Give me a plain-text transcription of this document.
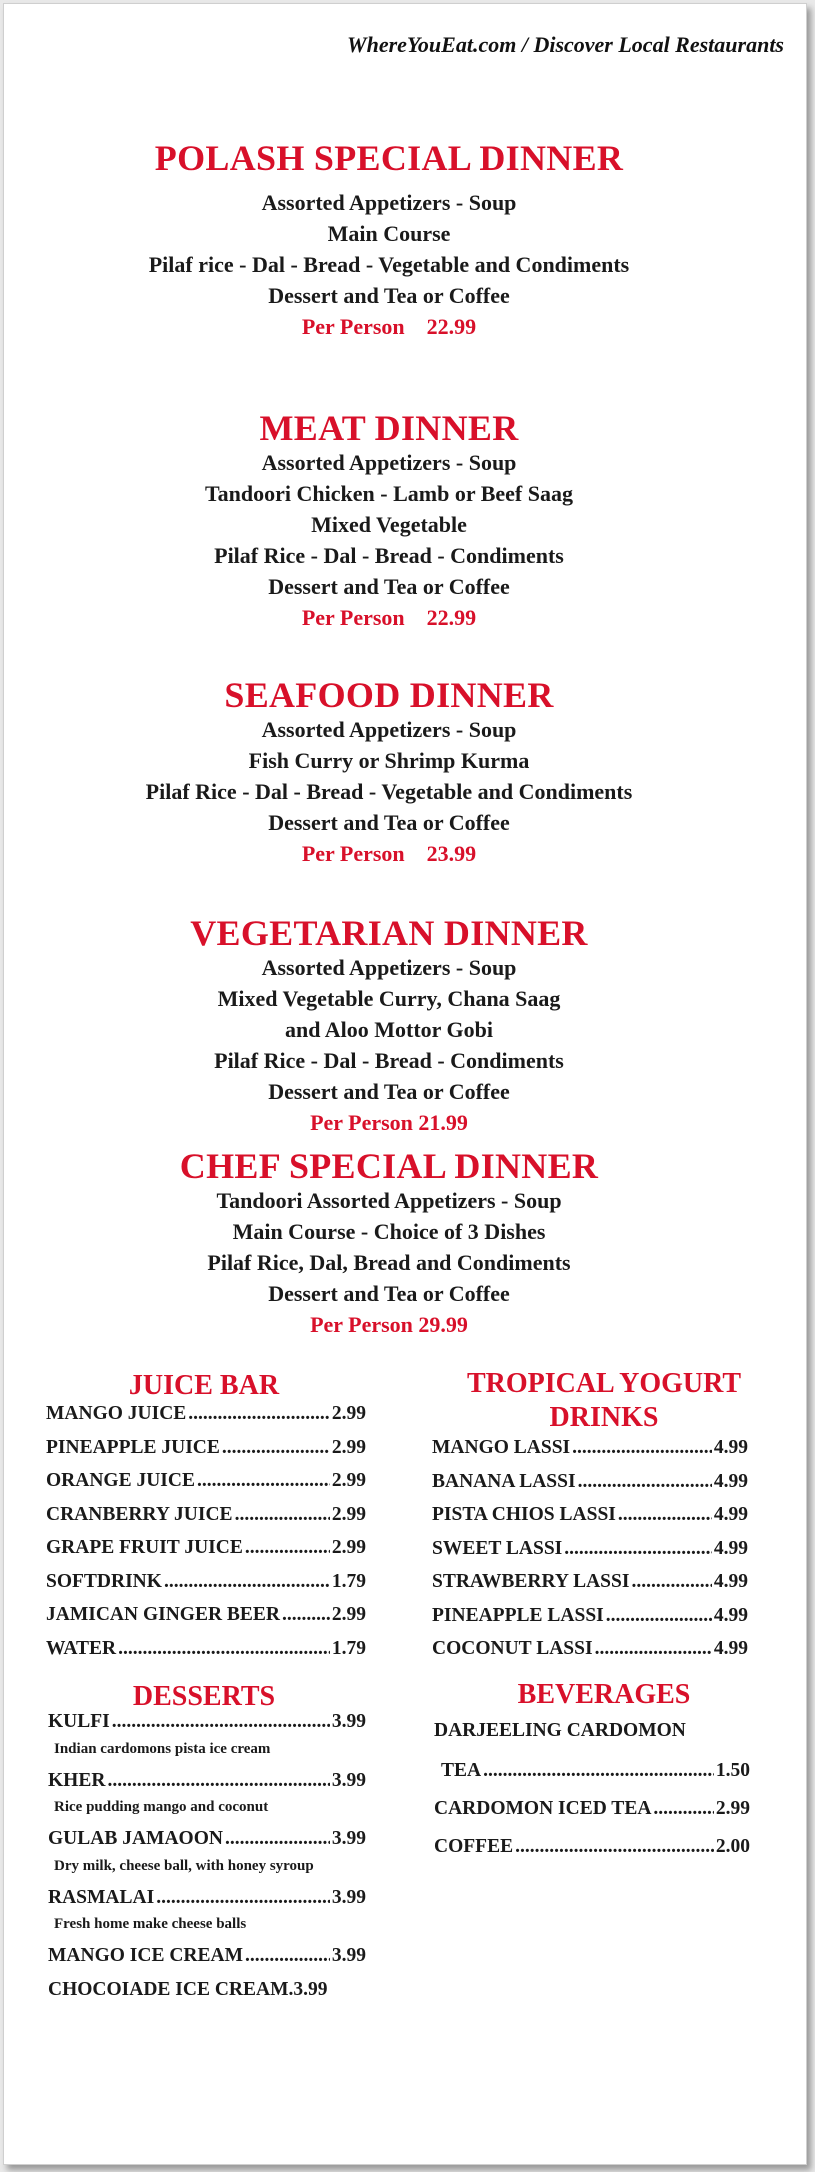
WhereYouEat.com / Discover Local Restaurants
POLASH SPECIAL DINNER
Assorted Appetizers - Soup
Main Course
Pilaf rice - Dal - Bread - Vegetable and Condiments
Dessert and Tea or Coffee
Per Person    22.99
MEAT DINNER
Assorted Appetizers - Soup
Tandoori Chicken - Lamb or Beef Saag
Mixed Vegetable
Pilaf Rice - Dal - Bread - Condiments
Dessert and Tea or Coffee
Per Person    22.99
SEAFOOD DINNER
Assorted Appetizers - Soup
Fish Curry or Shrimp Kurma
Pilaf Rice - Dal - Bread - Vegetable and Condiments
Dessert and Tea or Coffee
Per Person    23.99
VEGETARIAN DINNER
Assorted Appetizers - Soup
Mixed Vegetable Curry, Chana Saag
and Aloo Mottor Gobi
Pilaf Rice - Dal - Bread - Condiments
Dessert and Tea or Coffee
Per Person 21.99
CHEF SPECIAL DINNER
Tandoori Assorted Appetizers - Soup
Main Course - Choice of 3 Dishes
Pilaf Rice, Dal, Bread and Condiments
Dessert and Tea or Coffee
Per Person 29.99
JUICE BAR
MANGO JUICE .....	2.99
PINEAPPLE JUICE .....	2.99
ORANGE JUICE .....	2.99
CRANBERRY JUICE .....	2.99
GRAPE FRUIT JUICE .....	2.99
SOFTDRINK .....	1.79
JAMICAN GINGER BEER .....	2.99
WATER .....	1.79
TROPICAL YOGURT
DRINKS
MANGO LASSI .....	4.99
BANANA LASSI .....	4.99
PISTA CHIOS LASSI .....	4.99
SWEET LASSI .....	4.99
STRAWBERRY LASSI .....	4.99
PINEAPPLE LASSI .....	4.99
COCONUT LASSI .....	4.99
DESSERTS
KULFI .....	3.99
Indian cardomons pista ice cream
KHER .....	3.99
Rice pudding mango and coconut
GULAB JAMAOON .....	3.99
Dry milk, cheese ball, with honey syroup
RASMALAI .....	3.99
Fresh home make cheese balls
MANGO ICE CREAM .....	3.99
CHOCOIADE ICE CREAM. 3.99
BEVERAGES
DARJEELING CARDOMON
TEA .....	1.50
CARDOMON ICED TEA .....	2.99
COFFEE .....	2.00
